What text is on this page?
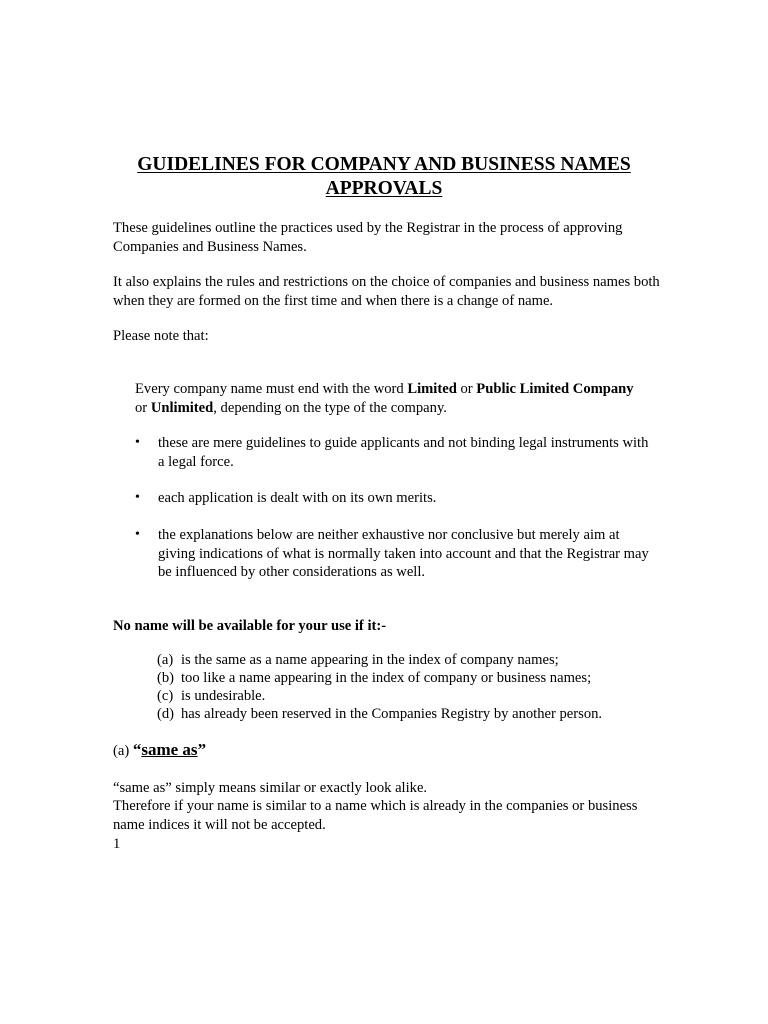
GUIDELINES FOR COMPANY AND BUSINESS NAMES APPROVALS

These guidelines outline the practices used by the Registrar in the process of approving Companies and Business Names.

It also explains the rules and restrictions on the choice of companies and business names both when they are formed on the first time and when there is a change of name.

Please note that:

Every company name must end with the word Limited or Public Limited Company
or Unlimited, depending on the type of the company.

•	these are mere guidelines to guide applicants and not binding legal instruments with a legal force.
•	each application is dealt with on its own merits.
•	the explanations below are neither exhaustive nor conclusive but merely aim at giving indications of what is normally taken into account and that the Registrar may be influenced by other considerations as well.

No name will be available for your use if it:-

(a) is the same as a name appearing in the index of company names;
(b) too like a name appearing in the index of company or business names;
(c) is undesirable.
(d) has already been reserved in the Companies Registry by another person.
(a) “same as”

“same as” simply means similar or exactly look alike.

Therefore if your name is similar to a name which is already in the companies or business name indices it will not be accepted.

1
